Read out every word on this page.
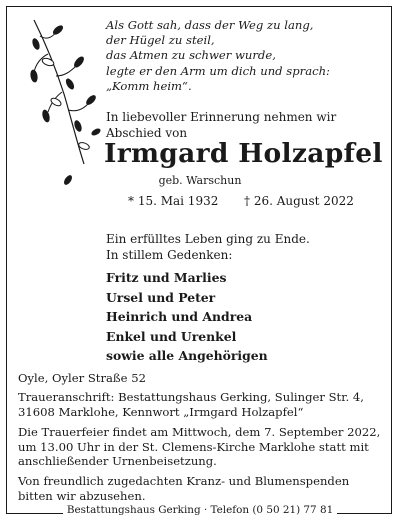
Als Gott sah, dass der Weg zu lang,
der Hügel zu steil,
das Atmen zu schwer wurde,
legte er den Arm um dich und sprach:
„Komm heim“.
In liebevoller Erinnerung nehmen wir
Abschied von
Irmgard Holzapfel
geb. Warschun
* 15. Mai 1932 † 26. August 2022
Ein erfülltes Leben ging zu Ende.
In stillem Gedenken:
Fritz und Marlies
Ursel und Peter
Heinrich und Andrea
Enkel und Urenkel
sowie alle Angehörigen

Oyle, Oyler Straße 52

Traueranschrift: Bestattungshaus Gerking, Sulinger Str. 4, 31608 Marklohe, Kennwort „Irmgard Holzapfel“

Die Trauerfeier findet am Mittwoch, dem 7. September 2022, um 13.00 Uhr in der St. Clemens-Kirche Marklohe statt mit anschließender Urnenbeisetzung.

Von freundlich zugedachten Kranz- und Blumenspenden bitten wir abzusehen.

Bestattungshaus Gerking · Telefon (0 50 21) 77 81
